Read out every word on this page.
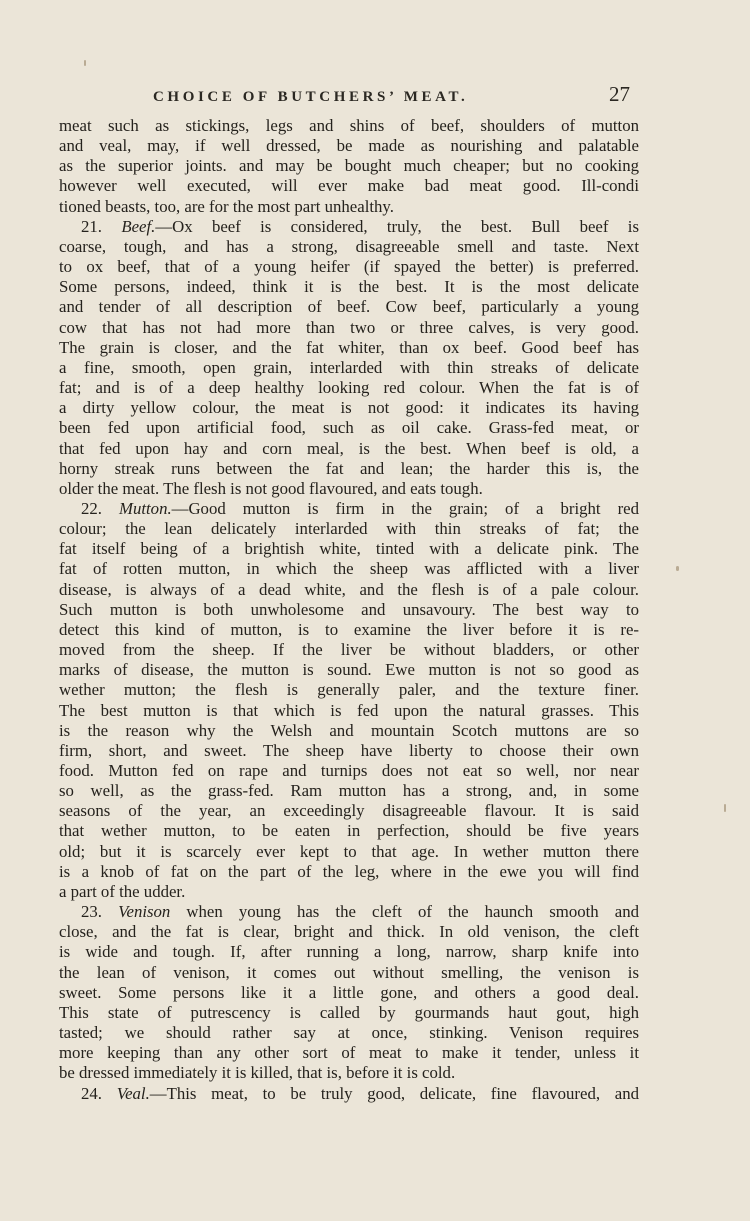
CHOICE OF BUTCHERS’ MEAT.	27

meat such as stickings, legs and shins of beef, shoulders of mutton

and veal, may, if well dressed, be made as nourishing and palatable

as the superior joints. and may be bought much cheaper; but no cooking

however well executed, will ever make bad meat good. Ill-condi

tioned beasts, too, are for the most part unhealthy.

21. Beef.—Ox beef is considered, truly, the best. Bull beef is

coarse, tough, and has a strong, disagreeable smell and taste. Next

to ox beef, that of a young heifer (if spayed the better) is preferred.

Some persons, indeed, think it is the best. It is the most delicate

and tender of all description of beef. Cow beef, particularly a young

cow that has not had more than two or three calves, is very good.

The grain is closer, and the fat whiter, than ox beef. Good beef has

a fine, smooth, open grain, interlarded with thin streaks of delicate

fat; and is of a deep healthy looking red colour. When the fat is of

a dirty yellow colour, the meat is not good: it indicates its having

been fed upon artificial food, such as oil cake. Grass-fed meat, or

that fed upon hay and corn meal, is the best. When beef is old, a

horny streak runs between the fat and lean; the harder this is, the

older the meat. The flesh is not good flavoured, and eats tough.

22. Mutton.—Good mutton is firm in the grain; of a bright red

colour; the lean delicately interlarded with thin streaks of fat; the

fat itself being of a brightish white, tinted with a delicate pink. The

fat of rotten mutton, in which the sheep was afflicted with a liver

disease, is always of a dead white, and the flesh is of a pale colour.

Such mutton is both unwholesome and unsavoury. The best way to

detect this kind of mutton, is to examine the liver before it is re-

moved from the sheep. If the liver be without bladders, or other

marks of disease, the mutton is sound. Ewe mutton is not so good as

wether mutton; the flesh is generally paler, and the texture finer.

The best mutton is that which is fed upon the natural grasses. This

is the reason why the Welsh and mountain Scotch muttons are so

firm, short, and sweet. The sheep have liberty to choose their own

food. Mutton fed on rape and turnips does not eat so well, nor near

so well, as the grass-fed. Ram mutton has a strong, and, in some

seasons of the year, an exceedingly disagreeable flavour. It is said

that wether mutton, to be eaten in perfection, should be five years

old; but it is scarcely ever kept to that age. In wether mutton there

is a knob of fat on the part of the leg, where in the ewe you will find

a part of the udder.

23. Venison when young has the cleft of the haunch smooth and

close, and the fat is clear, bright and thick. In old venison, the cleft

is wide and tough. If, after running a long, narrow, sharp knife into

the lean of venison, it comes out without smelling, the venison is

sweet. Some persons like it a little gone, and others a good deal.

This state of putrescency is called by gourmands haut gout, high

tasted; we should rather say at once, stinking. Venison requires

more keeping than any other sort of meat to make it tender, unless it

be dressed immediately it is killed, that is, before it is cold.

24. Veal.—This meat, to be truly good, delicate, fine flavoured, and
